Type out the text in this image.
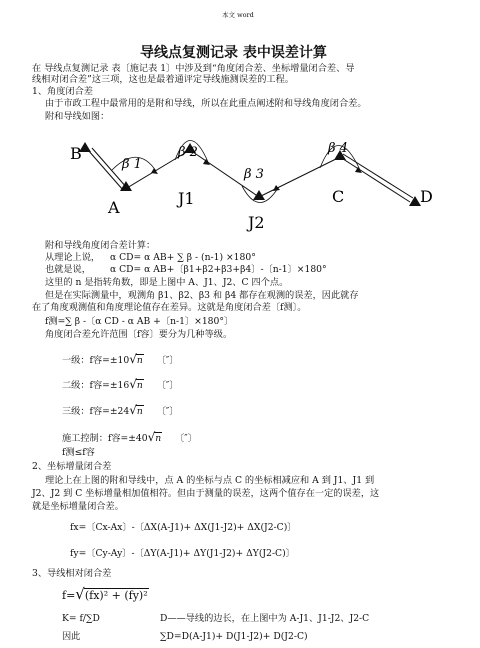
本文 word
导线点复测记录 表中误差计算
在 导线点复测记录 表〔施记表 1〕中涉及到“角度闭合差、坐标增量闭合差、导
线相对闭合差”这三项，这也是最着通评定导线施测误差的工程。
1、角度闭合差
由于市政工程中最常用的是附和导线，所以在此重点阐述附和导线角度闭合差。
附和导线如图：
B
A	J1
J2
C	D
β 1
β 2
β 3
β 4
附和导线角度闭合差计算：
从理论上说， α CD= α AB+ ∑ β - (n-1) ×180°
也就是说， α CD= α AB+〔β1+β2+β3+β4〕-〔n-1〕×180°
这里的 n 是指转角数，即是上图中 A、J1、J2、C 四个点。
但是在实际测量中，观测角 β1、β2、β3 和 β4 都存在观测的误差，因此就存
在了角度观测值和角度理论值存在差异。这就是角度闭合差〔f测〕。
f测=∑ β -〔α CD - α AB +〔n-1〕×180°〕
角度闭合差允许范围〔f容〕要分为几种等级。
一级：f容=±10√n 〔″〕
二级：f容=±16√n 〔″〕
三级：f容=±24√n 〔″〕
施工控制：f容=±40√n 〔″〕
f测≤f容
2、坐标增量闭合差
理论上在上图的附和导线中，点 A 的坐标与点 C 的坐标相减应和 A 到 J1、J1 到
J2、J2 到 C 坐标增量相加值相符。但由于测量的误差，这两个值存在一定的误差，这
就是坐标增量闭合差。
fx=〔Cx-Ax〕-〔ΔX(A-J1)+ ΔX(J1-J2)+ ΔX(J2-C)〕
fy=〔Cy-Ay〕-〔ΔY(A-J1)+ ΔY(J1-J2)+ ΔY(J2-C)〕
3、导线相对闭合差
f=√(fx)² + (fy)²
K= f/∑D	D——导线的边长，在上图中为 A-J1、J1-J2、J2-C
因此	∑D=D(A-J1)+ D(J1-J2)+ D(J2-C)
